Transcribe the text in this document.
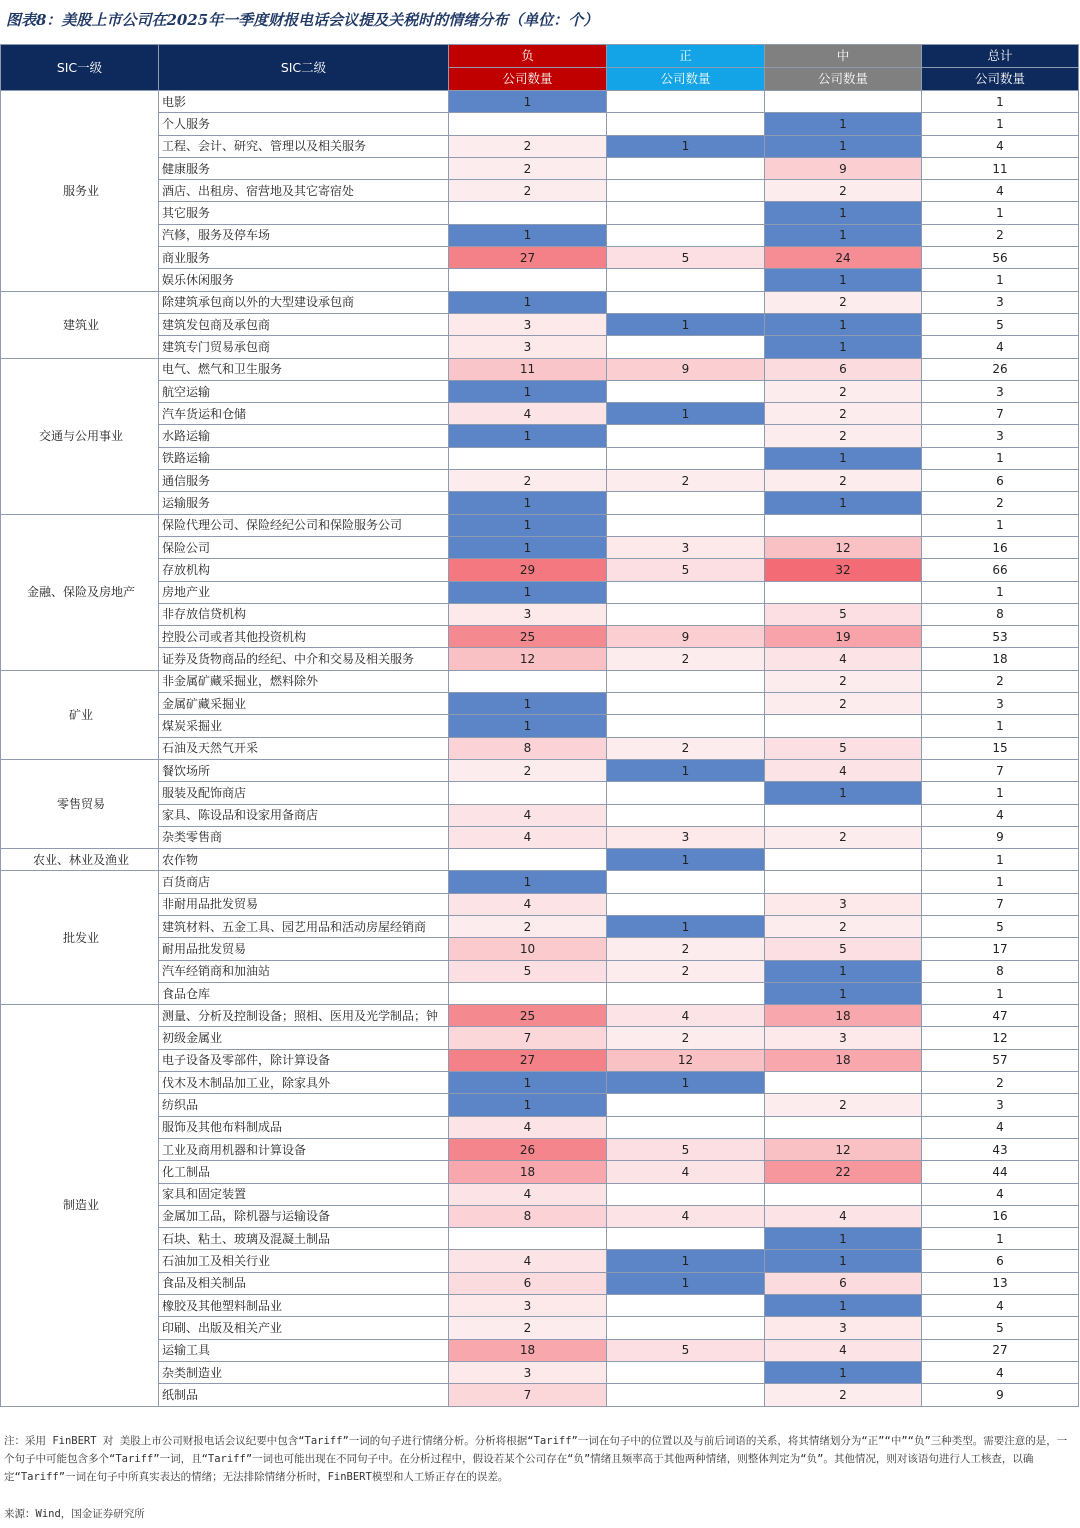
图表8：美股上市公司在2025年一季度财报电话会议提及关税时的情绪分布（单位：个）
SIC一级	SIC二级	负	正	中	总计
		公司数量	公司数量	公司数量	公司数量
服务业	电影	1			1
	个人服务			1	1
	工程、会计、研究、管理以及相关服务	2	1	1	4
	健康服务	2		9	11
	酒店、出租房、宿营地及其它寄宿处	2		2	4
	其它服务			1	1
	汽修，服务及停车场	1		1	2
	商业服务	27	5	24	56
	娱乐休闲服务			1	1
建筑业	除建筑承包商以外的大型建设承包商	1		2	3
	建筑发包商及承包商	3	1	1	5
	建筑专门贸易承包商	3		1	4
交通与公用事业	电气、燃气和卫生服务	11	9	6	26
	航空运输	1		2	3
	汽车货运和仓储	4	1	2	7
	水路运输	1		2	3
	铁路运输			1	1
	通信服务	2	2	2	6
	运输服务	1		1	2
金融、保险及房地产	保险代理公司、保险经纪公司和保险服务公司	1			1
	保险公司	1	3	12	16
	存放机构	29	5	32	66
	房地产业	1			1
	非存放信贷机构	3		5	8
	控股公司或者其他投资机构	25	9	19	53
	证券及货物商品的经纪、中介和交易及相关服务	12	2	4	18
矿业	非金属矿藏采掘业，燃料除外			2	2
	金属矿藏采掘业	1		2	3
	煤炭采掘业	1			1
	石油及天然气开采	8	2	5	15
零售贸易	餐饮场所	2	1	4	7
	服装及配饰商店			1	1
	家具、陈设品和设家用备商店	4			4
	杂类零售商	4	3	2	9
农业、林业及渔业	农作物		1		1
批发业	百货商店	1			1
	非耐用品批发贸易	4		3	7
	建筑材料、五金工具、园艺用品和活动房屋经销商	2	1	2	5
	耐用品批发贸易	10	2	5	17
	汽车经销商和加油站	5	2	1	8
	食品仓库			1	1
制造业	测量、分析及控制设备；照相、医用及光学制品；钟	25	4	18	47
	初级金属业	7	2	3	12
	电子设备及零部件，除计算设备	27	12	18	57
	伐木及木制品加工业，除家具外	1	1		2
	纺织品	1		2	3
	服饰及其他布料制成品	4			4
	工业及商用机器和计算设备	26	5	12	43
	化工制品	18	4	22	44
	家具和固定装置	4			4
	金属加工品，除机器与运输设备	8	4	4	16
	石块、粘土、玻璃及混凝土制品			1	1
	石油加工及相关行业	4	1	1	6
	食品及相关制品	6	1	6	13
	橡胶及其他塑料制品业	3		1	4
	印刷、出版及相关产业	2		3	5
	运输工具	18	5	4	27
	杂类制造业	3		1	4
	纸制品	7		2	9
注：采用 FinBERT 对 美股上市公司财报电话会议纪要中包含“Tariff”一词的句子进行情绪分析。分析将根据“Tariff”一词在句子中的位置以及与前后词语的关系，将其情绪划分为“正”“中”“负”三种类型。需要注意的是，一个句子中可能包含多个“Tariff”一词，且“Tariff”一词也可能出现在不同句子中。在分析过程中，假设若某个公司存在“负”情绪且频率高于其他两种情绪，则整体判定为“负”。其他情况，则对该语句进行人工核查，以确定“Tariff”一词在句子中所真实表达的情绪；无法排除情绪分析时，FinBERT模型和人工矫正存在的误差。
来源：Wind，国金证券研究所
